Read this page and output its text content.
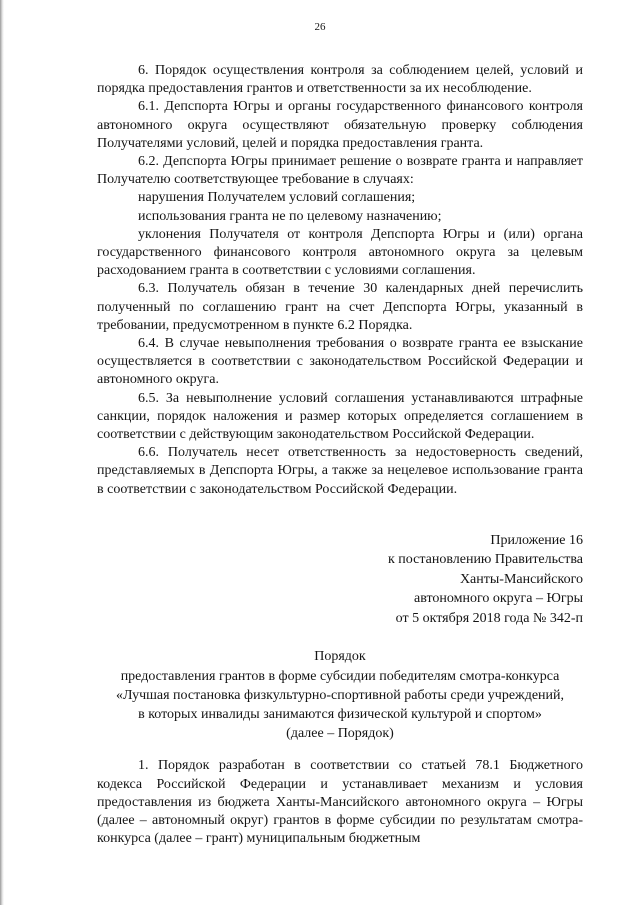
26

6. Порядок осуществления контроля за соблюдением целей, условий и порядка предоставления грантов и ответственности за их несоблюдение.

6.1. Депспорта Югры и органы государственного финансового контроля автономного округа осуществляют обязательную проверку соблюдения Получателями условий, целей и порядка предоставления гранта.

6.2. Депспорта Югры принимает решение о возврате гранта и направляет Получателю соответствующее требование в случаях:

нарушения Получателем условий соглашения;

использования гранта не по целевому назначению;

уклонения Получателя от контроля Депспорта Югры и (или) органа государственного финансового контроля автономного округа за целевым расходованием гранта в соответствии с условиями соглашения.

6.3. Получатель обязан в течение 30 календарных дней перечислить полученный по соглашению грант на счет Депспорта Югры, указанный в требовании, предусмотренном в пункте 6.2 Порядка.

6.4. В случае невыполнения требования о возврате гранта ее взыскание осуществляется в соответствии с законодательством Российской Федерации и автономного округа.

6.5. За невыполнение условий соглашения устанавливаются штрафные санкции, порядок наложения и размер которых определяется соглашением в соответствии с действующим законодательством Российской Федерации.

6.6. Получатель несет ответственность за недостоверность сведений, представляемых в Депспорта Югры, а также за нецелевое использование гранта в соответствии с законодательством Российской Федерации.

Приложение 16
к постановлению Правительства
Ханты-Мансийского
автономного округа – Югры
от 5 октября 2018 года № 342-п
Порядок
предоставления грантов в форме субсидии победителям смотра-конкурса
«Лучшая постановка физкультурно-спортивной работы среди учреждений,
в которых инвалиды занимаются физической культурой и спортом»
(далее – Порядок)

1. Порядок разработан в соответствии со статьей 78.1 Бюджетного кодекса Российской Федерации и устанавливает механизм и условия предоставления из бюджета Ханты-Мансийского автономного округа – Югры (далее – автономный округ) грантов в форме субсидии по результатам смотра-конкурса (далее – грант) муниципальным бюджетным
